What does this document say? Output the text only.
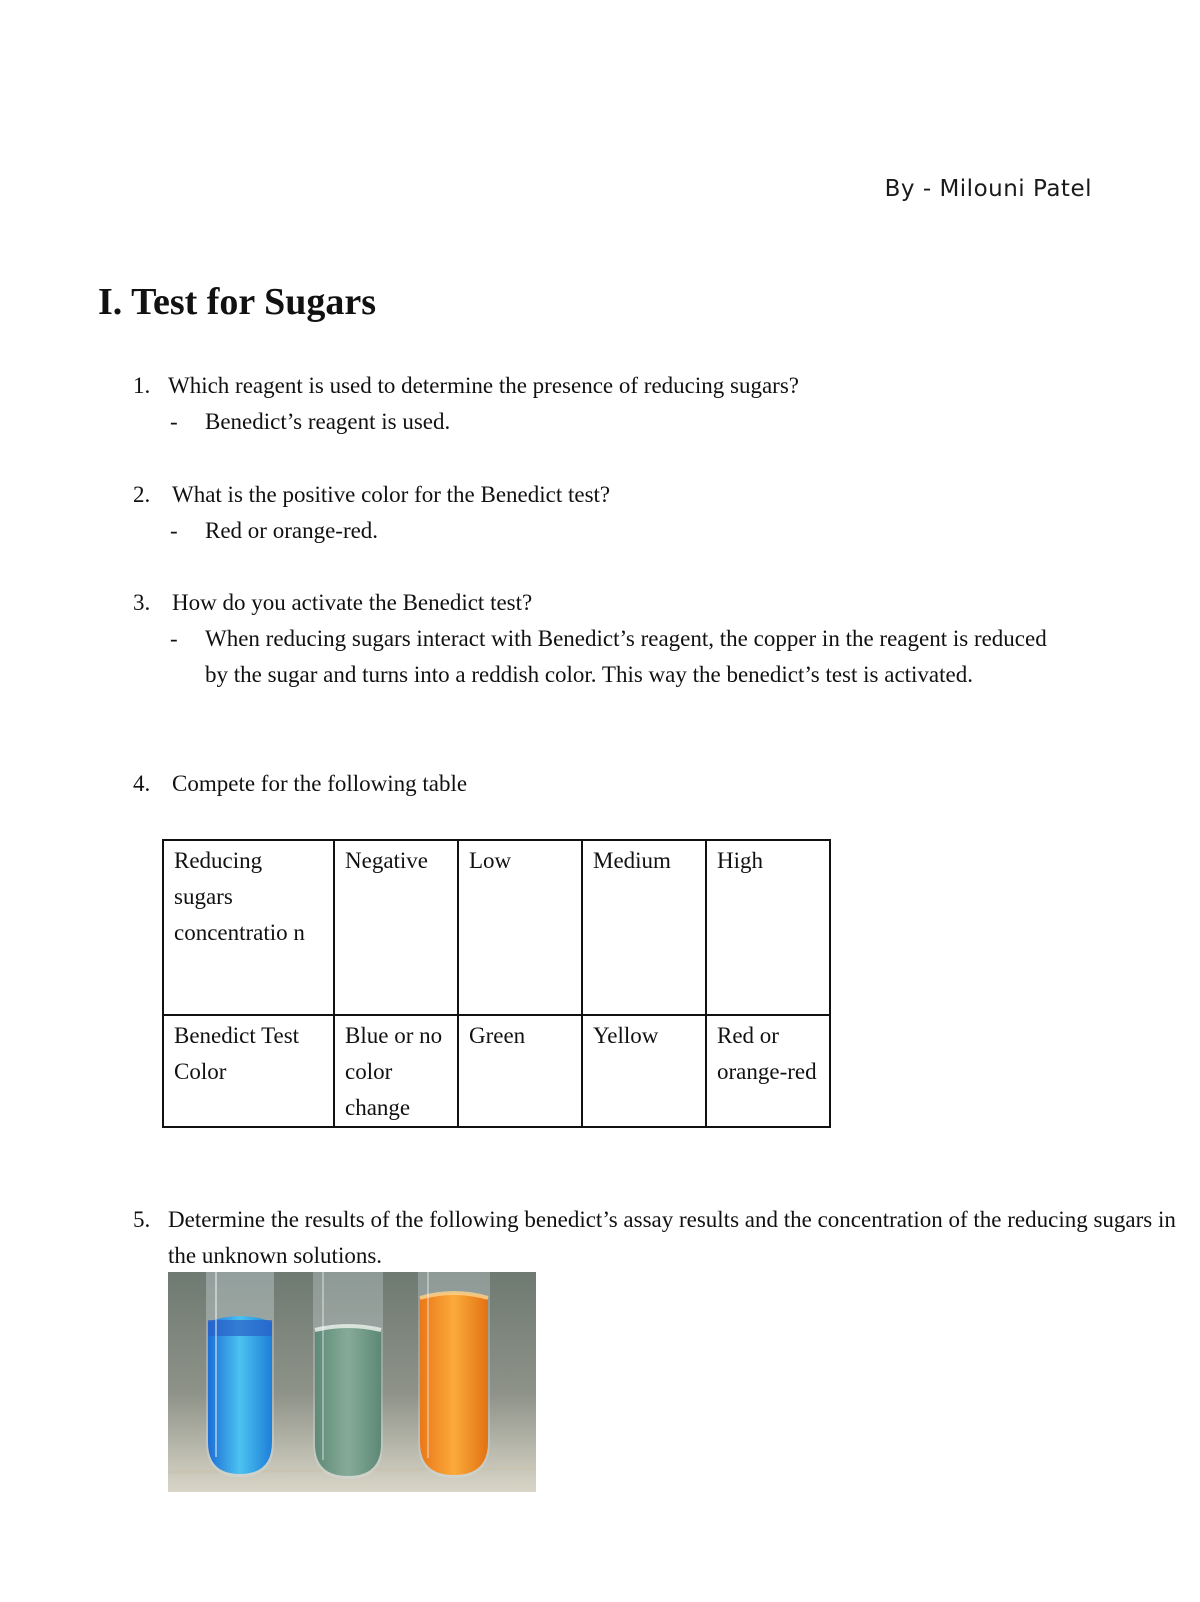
By - Milouni Patel
I. Test for Sugars
1. Which reagent is used to determine the presence of reducing sugars?
- Benedict’s reagent is used.
2. What is the positive color for the Benedict test?
- Red or orange-red.
3. How do you activate the Benedict test?
- When reducing sugars interact with Benedict’s reagent, the copper in the reagent is reduced by the sugar and turns into a reddish color. This way the benedict’s test is activated.
4. Compete for the following table
Reducing sugars concentratio n	Negative	Low	Medium	High
Benedict Test Color	Blue or no color change	Green	Yellow	Red or orange-red
5. Determine the results of the following benedict’s assay results and the concentration of the reducing sugars in the unknown solutions.
